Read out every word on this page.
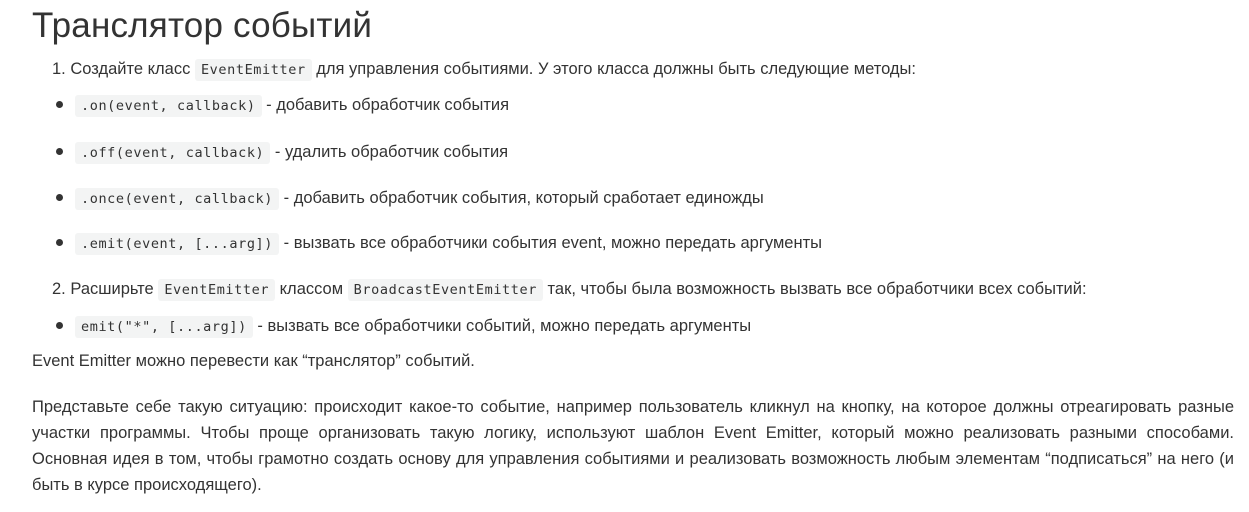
Транслятор событий
1. Создайте класс EventEmitter для управления событиями. У этого класса должны быть следующие методы:
.on(event, callback) - добавить обработчик события
.off(event, callback) - удалить обработчик события
.once(event, callback) - добавить обработчик события, который сработает единожды
.emit(event, [...arg]) - вызвать все обработчики события event, можно передать аргументы
2. Расширьте EventEmitter классом BroadcastEventEmitter так, чтобы была возможность вызвать все обработчики всех событий:
emit("*", [...arg]) - вызвать все обработчики событий, можно передать аргументы
Event Emitter можно перевести как “транслятор” событий.
Представьте себе такую ситуацию: происходит какое-то событие, например пользователь кликнул на кнопку, на которое должны отреагировать разные участки программы. Чтобы проще организовать такую логику, используют шаблон Event Emitter, который можно реализовать разными способами. Основная идея в том, чтобы грамотно создать основу для управления событиями и реализовать возможность любым элементам “подписаться” на него (и быть в курсе происходящего).
